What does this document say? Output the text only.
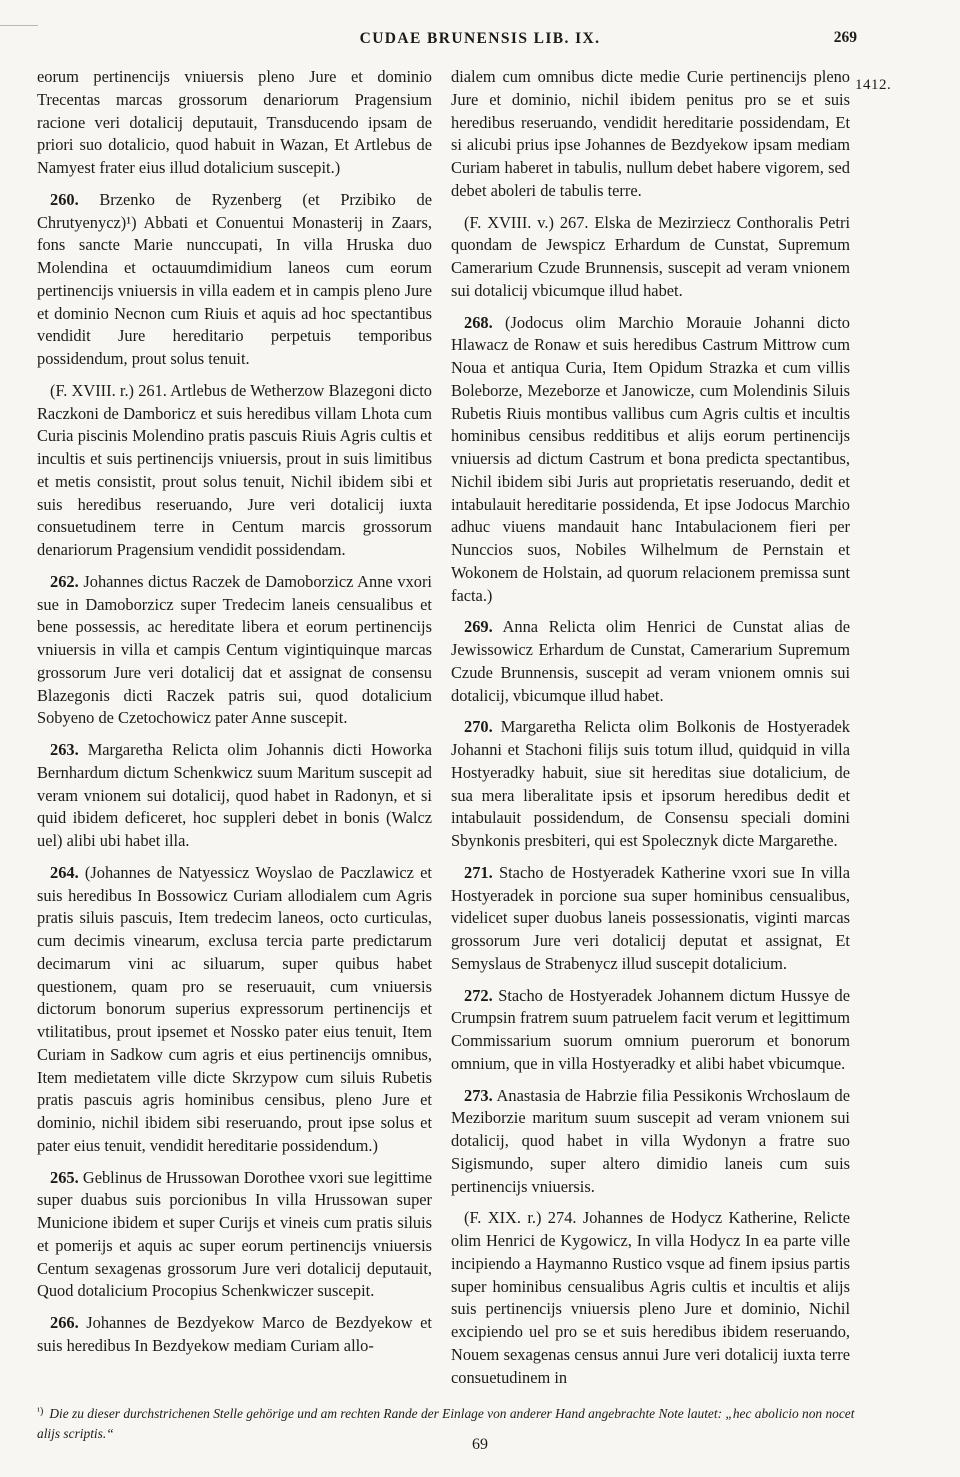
CUDAE BRUNENSIS LIB. IX.	269
1412.

eorum pertinencijs vniuersis pleno Jure et dominio Trecentas marcas grossorum denariorum Pragensium racione veri dotalicij deputauit, Transducendo ipsam de priori suo dotalicio, quod habuit in Wazan, Et Artlebus de Namyest frater eius illud dotalicium suscepit.)

260. Brzenko de Ryzenberg (et Przibiko de Chrutyenycz)¹) Abbati et Conuentui Monasterij in Zaars, fons sancte Marie nunccupati, In villa Hruska duo Molendina et octauumdimidium laneos cum eorum pertinencijs vniuersis in villa eadem et in campis pleno Jure et dominio Necnon cum Riuis et aquis ad hoc spectantibus vendidit Jure hereditario perpetuis temporibus possidendum, prout solus tenuit.

(F. XVIII. r.) 261. Artlebus de Wetherzow Blazegoni dicto Raczkoni de Damboricz et suis heredibus villam Lhota cum Curia piscinis Molendino pratis pascuis Riuis Agris cultis et incultis et suis pertinencijs vniuersis, prout in suis limitibus et metis consistit, prout solus tenuit, Nichil ibidem sibi et suis heredibus reseruando, Jure veri dotalicij iuxta consuetudinem terre in Centum marcis grossorum denariorum Pragensium vendidit possidendam.

262. Johannes dictus Raczek de Damoborzicz Anne vxori sue in Damoborzicz super Tredecim laneis censualibus et bene possessis, ac hereditate libera et eorum pertinencijs vniuersis in villa et campis Centum vigintiquinque marcas grossorum Jure veri dotalicij dat et assignat de consensu Blazegonis dicti Raczek patris sui, quod dotalicium Sobyeno de Czetochowicz pater Anne suscepit.

263. Margaretha Relicta olim Johannis dicti Howorka Bernhardum dictum Schenkwicz suum Maritum suscepit ad veram vnionem sui dotalicij, quod habet in Radonyn, et si quid ibidem deficeret, hoc suppleri debet in bonis (Walcz uel) alibi ubi habet illa.

264. (Johannes de Natyessicz Woyslao de Paczlawicz et suis heredibus In Bossowicz Curiam allodialem cum Agris pratis siluis pascuis, Item tredecim laneos, octo curticulas, cum decimis vinearum, exclusa tercia parte predictarum decimarum vini ac siluarum, super quibus habet questionem, quam pro se reseruauit, cum vniuersis dictorum bonorum superius expressorum pertinencijs et vtilitatibus, prout ipsemet et Nossko pater eius tenuit, Item Curiam in Sadkow cum agris et eius pertinencijs omnibus, Item medietatem ville dicte Skrzypow cum siluis Rubetis pratis pascuis agris hominibus censibus, pleno Jure et dominio, nichil ibidem sibi reseruando, prout ipse solus et pater eius tenuit, vendidit hereditarie possidendum.)

265. Geblinus de Hrussowan Dorothee vxori sue legittime super duabus suis porcionibus In villa Hrussowan super Municione ibidem et super Curijs et vineis cum pratis siluis et pomerijs et aquis ac super eorum pertinencijs vniuersis Centum sexagenas grossorum Jure veri dotalicij deputauit, Quod dotalicium Procopius Schenkwiczer suscepit.

266. Johannes de Bezdyekow Marco de Bezdyekow et suis heredibus In Bezdyekow mediam Curiam allo-

dialem cum omnibus dicte medie Curie pertinencijs pleno Jure et dominio, nichil ibidem penitus pro se et suis heredibus reseruando, vendidit hereditarie possidendam, Et si alicubi prius ipse Johannes de Bezdyekow ipsam mediam Curiam haberet in tabulis, nullum debet habere vigorem, sed debet aboleri de tabulis terre.

(F. XVIII. v.) 267. Elska de Mezirziecz Conthoralis Petri quondam de Jewspicz Erhardum de Cunstat, Supremum Camerarium Czude Brunnensis, suscepit ad veram vnionem sui dotalicij vbicumque illud habet.

268. (Jodocus olim Marchio Morauie Johanni dicto Hlawacz de Ronaw et suis heredibus Castrum Mittrow cum Noua et antiqua Curia, Item Opidum Strazka et cum villis Boleborze, Mezeborze et Janowicze, cum Molendinis Siluis Rubetis Riuis montibus vallibus cum Agris cultis et incultis hominibus censibus redditibus et alijs eorum pertinencijs vniuersis ad dictum Castrum et bona predicta spectantibus, Nichil ibidem sibi Juris aut proprietatis reseruando, dedit et intabulauit hereditarie possidenda, Et ipse Jodocus Marchio adhuc viuens mandauit hanc Intabulacionem fieri per Nunccios suos, Nobiles Wilhelmum de Pernstain et Wokonem de Holstain, ad quorum relacionem premissa sunt facta.)

269. Anna Relicta olim Henrici de Cunstat alias de Jewissowicz Erhardum de Cunstat, Camerarium Supremum Czude Brunnensis, suscepit ad veram vnionem omnis sui dotalicij, vbicumque illud habet.

270. Margaretha Relicta olim Bolkonis de Hostyeradek Johanni et Stachoni filijs suis totum illud, quidquid in villa Hostyeradky habuit, siue sit hereditas siue dotalicium, de sua mera liberalitate ipsis et ipsorum heredibus dedit et intabulauit possidendum, de Consensu speciali domini Sbynkonis presbiteri, qui est Spolecznyk dicte Margarethe.

271. Stacho de Hostyeradek Katherine vxori sue In villa Hostyeradek in porcione sua super hominibus censualibus, videlicet super duobus laneis possessionatis, viginti marcas grossorum Jure veri dotalicij deputat et assignat, Et Semyslaus de Strabenycz illud suscepit dotalicium.

272. Stacho de Hostyeradek Johannem dictum Hussye de Crumpsin fratrem suum patruelem facit verum et legittimum Commissarium suorum omnium puerorum et bonorum omnium, que in villa Hostyeradky et alibi habet vbicumque.

273. Anastasia de Habrzie filia Pessikonis Wrchoslaum de Meziborzie maritum suum suscepit ad veram vnionem sui dotalicij, quod habet in villa Wydonyn a fratre suo Sigismundo, super altero dimidio laneis cum suis pertinencijs vniuersis.

(F. XIX. r.) 274. Johannes de Hodycz Katherine, Relicte olim Henrici de Kygowicz, In villa Hodycz In ea parte ville incipiendo a Haymanno Rustico vsque ad finem ipsius partis super hominibus censualibus Agris cultis et incultis et alijs suis pertinencijs vniuersis pleno Jure et dominio, Nichil excipiendo uel pro se et suis heredibus ibidem reseruando, Nouem sexagenas census annui Jure veri dotalicij iuxta terre consuetudinem in

$^{^1)}$ Die zu dieser durchstrichenen Stelle gehörige und am rechten Rande der Einlage von anderer Hand angebrachte Note lautet: „hec abolicio non nocet alijs scriptis.“

69
